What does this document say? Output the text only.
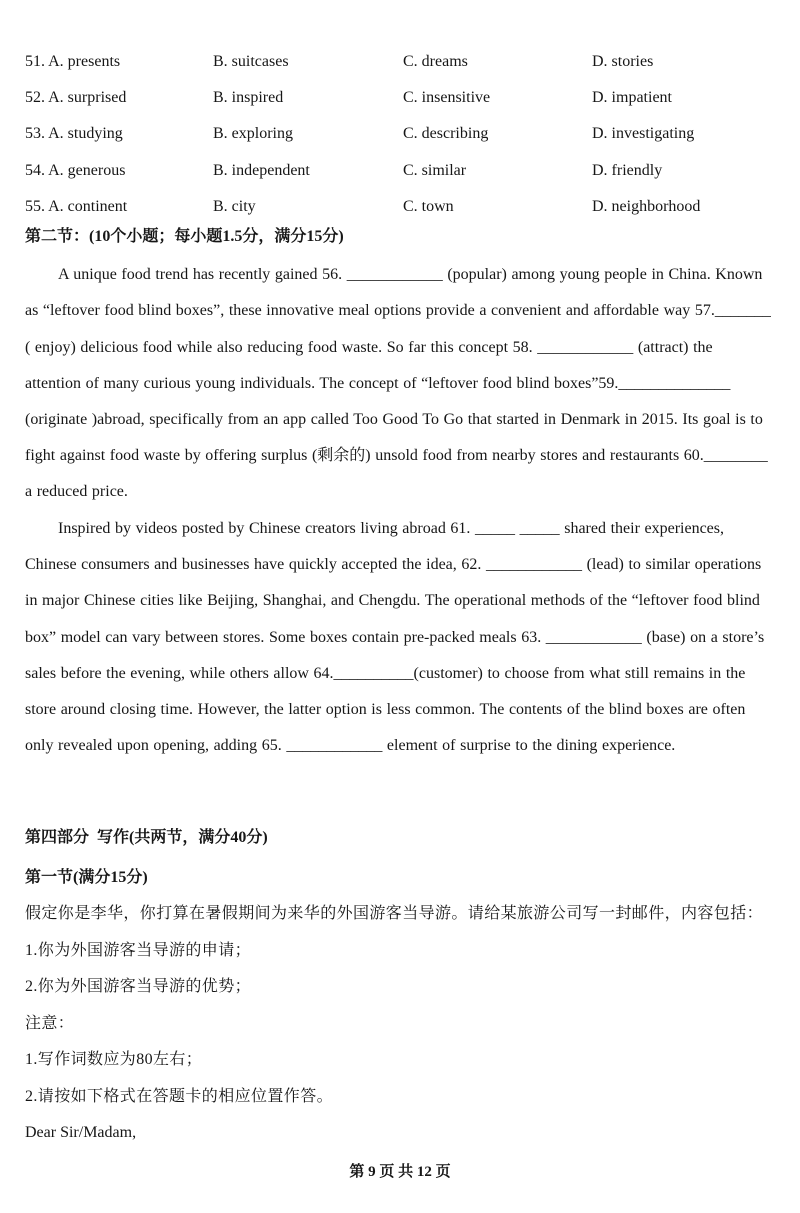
51. A. presents	B. suitcases	C. dreams	D. stories
52. A. surprised	B. inspired	C. insensitive	D. impatient
53. A. studying	B. exploring	C. describing	D. investigating
54. A. generous	B. independent	C. similar	D. friendly
55. A. continent	B. city	C. town	D. neighborhood
第二节：(10个小题；每小题1.5分，满分15分)
A unique food trend has recently gained 56. ____________ (popular) among young people in China. Known
as “leftover food blind boxes”, these innovative meal options provide a convenient and affordable way 57._______
( enjoy) delicious food while also reducing food waste. So far this concept 58. ____________ (attract) the
attention of many curious young individuals. The concept of “leftover food blind boxes”59.______________
(originate )abroad, specifically from an app called Too Good To Go that started in Denmark in 2015. Its goal is to
fight against food waste by offering surplus (剩余的) unsold food from nearby stores and restaurants 60.________
a reduced price.
Inspired by videos posted by Chinese creators living abroad 61. _____ _____ shared their experiences,
Chinese consumers and businesses have quickly accepted the idea, 62. ____________ (lead) to similar operations
in major Chinese cities like Beijing, Shanghai, and Chengdu. The operational methods of the “leftover food blind
box” model can vary between stores. Some boxes contain pre-packed meals 63. ____________ (base) on a store’s
sales before the evening, while others allow 64.__________(customer) to choose from what still remains in the
store around closing time. However, the latter option is less common. The contents of the blind boxes are often
only revealed upon opening, adding 65. ____________ element of surprise to the dining experience.
第四部分  写作(共两节，满分40分)
第一节(满分15分)
假定你是李华，你打算在暑假期间为来华的外国游客当导游。请给某旅游公司写一封邮件，内容包括：
1.你为外国游客当导游的申请；
2.你为外国游客当导游的优势；
注意：
1.写作词数应为80左右；
2.请按如下格式在答题卡的相应位置作答。
Dear Sir/Madam,
第 9 页 共 12 页
